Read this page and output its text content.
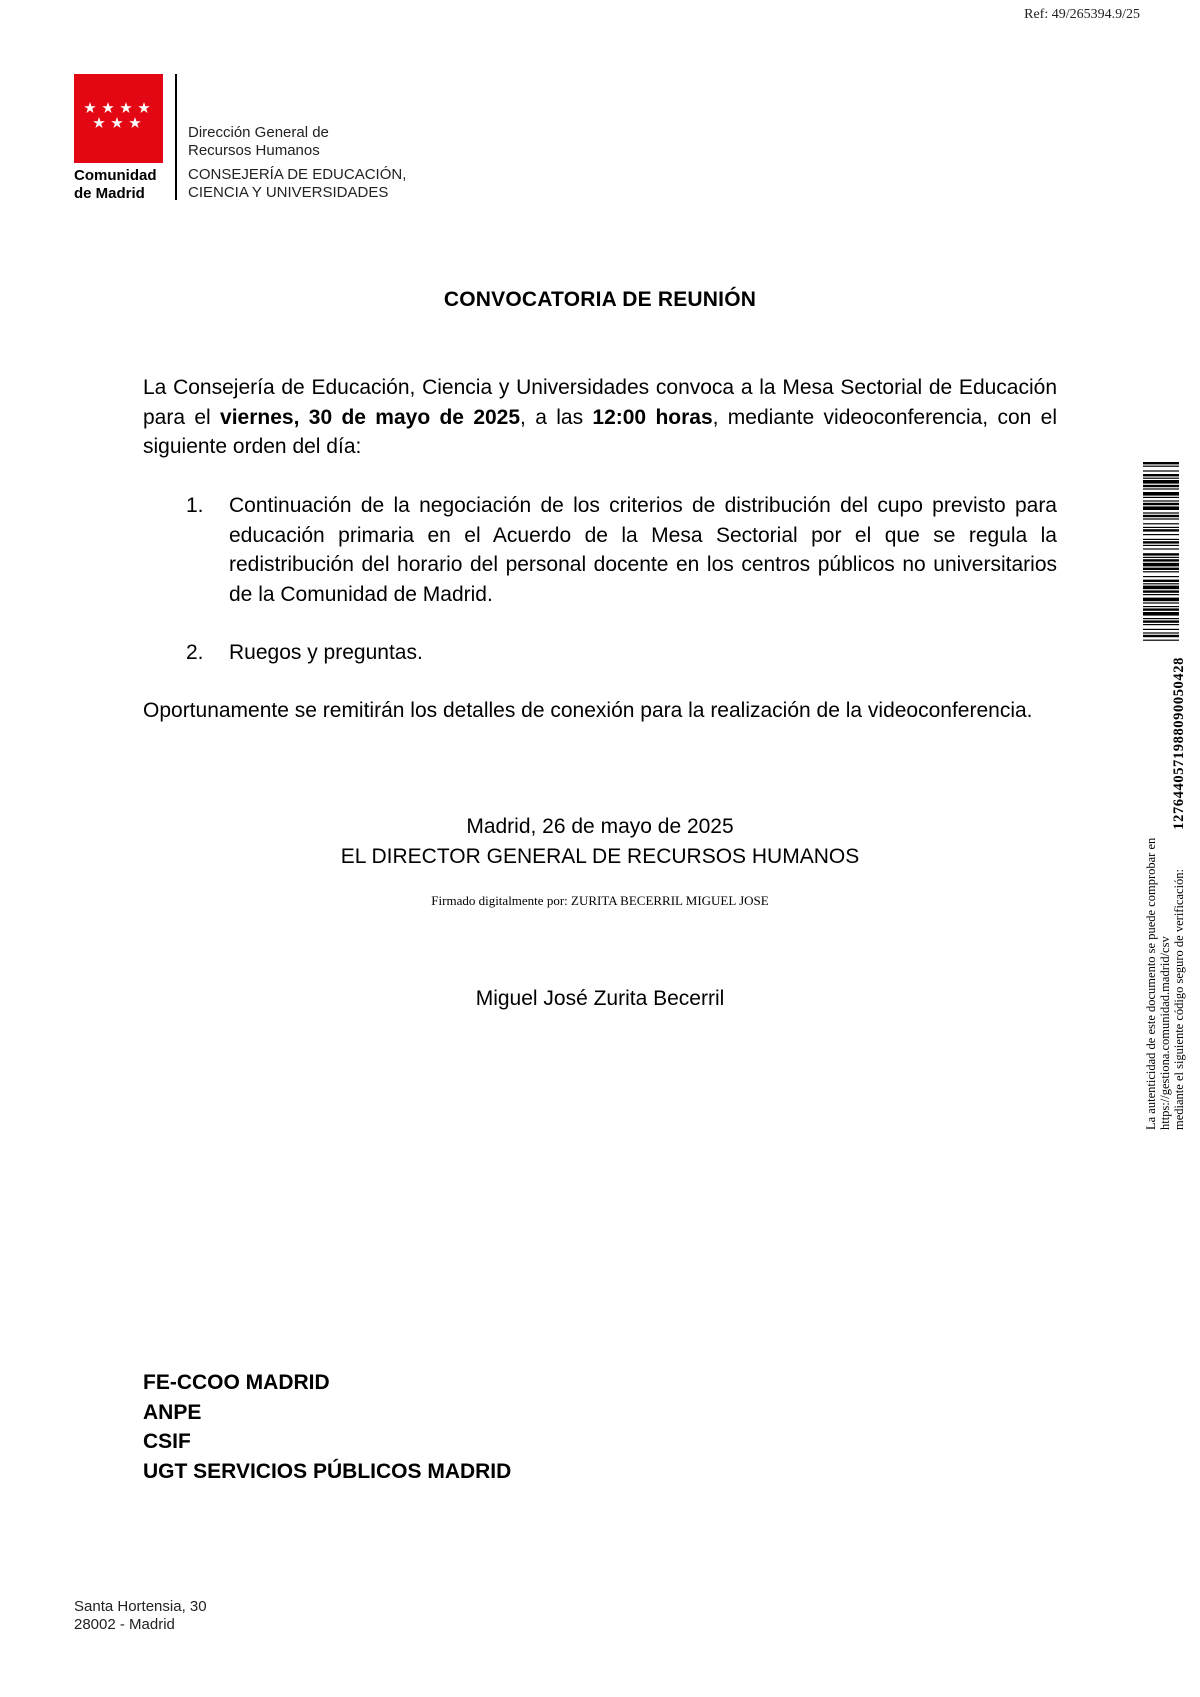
Ref: 49/265394.9/25
Comunidad
de Madrid
Dirección General de
Recursos Humanos
CONSEJERÍA DE EDUCACIÓN,
CIENCIA Y UNIVERSIDADES
CONVOCATORIA DE REUNIÓN
La Consejería de Educación, Ciencia y Universidades convoca a la Mesa Sectorial de Educación para el viernes, 30 de mayo de 2025, a las 12:00 horas, mediante videoconferencia, con el siguiente orden del día:
1. Continuación de la negociación de los criterios de distribución del cupo previsto para educación primaria en el Acuerdo de la Mesa Sectorial por el que se regula la redistribución del horario del personal docente en los centros públicos no universitarios de la Comunidad de Madrid.
2. Ruegos y preguntas.
Oportunamente se remitirán los detalles de conexión para la realización de la videoconferencia.
Madrid, 26 de mayo de 2025
EL DIRECTOR GENERAL DE RECURSOS HUMANOS
Firmado digitalmente por: ZURITA BECERRIL MIGUEL JOSE
Miguel José Zurita Becerril
FE-CCOO MADRID
ANPE
CSIF
UGT SERVICIOS PÚBLICOS MADRID
Santa Hortensia, 30
28002 - Madrid
La autenticidad de este documento se puede comprobar en https://gestiona.comunidad.madrid/csv mediante el siguiente código seguro de verificación:
1276440571988090050428
